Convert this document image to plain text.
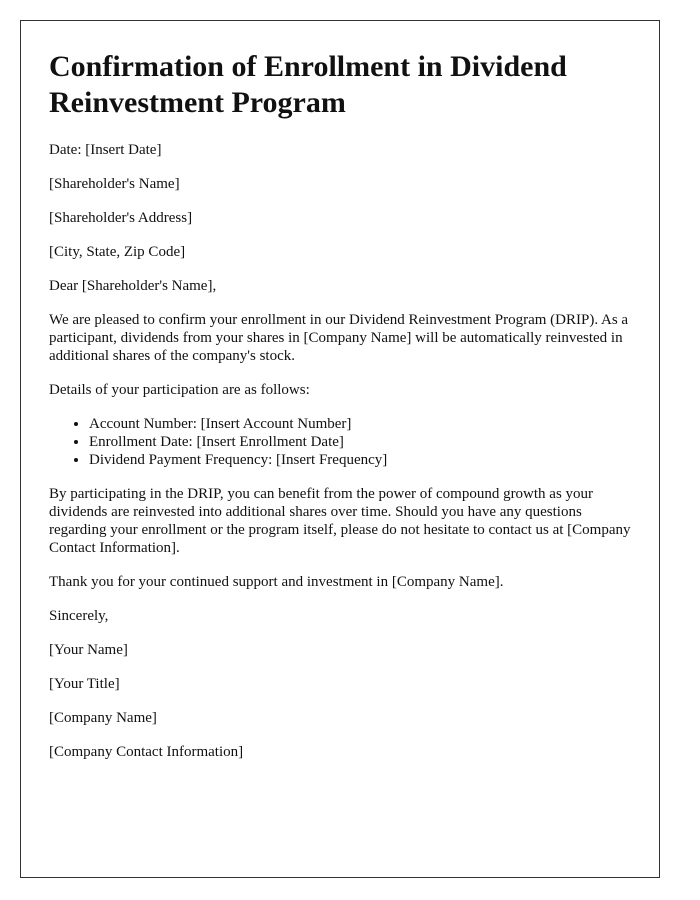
Confirmation of Enrollment in Dividend Reinvestment Program

Date: [Insert Date]

[Shareholder's Name]

[Shareholder's Address]

[City, State, Zip Code]

Dear [Shareholder's Name],

We are pleased to confirm your enrollment in our Dividend Reinvestment Program (DRIP). As a participant, dividends from your shares in [Company Name] will be automatically reinvested in additional shares of the company's stock.

Details of your participation are as follows:

• Account Number: [Insert Account Number]
• Enrollment Date: [Insert Enrollment Date]
• Dividend Payment Frequency: [Insert Frequency]

By participating in the DRIP, you can benefit from the power of compound growth as your dividends are reinvested into additional shares over time. Should you have any questions regarding your enrollment or the program itself, please do not hesitate to contact us at [Company Contact Information].

Thank you for your continued support and investment in [Company Name].

Sincerely,

[Your Name]

[Your Title]

[Company Name]

[Company Contact Information]
